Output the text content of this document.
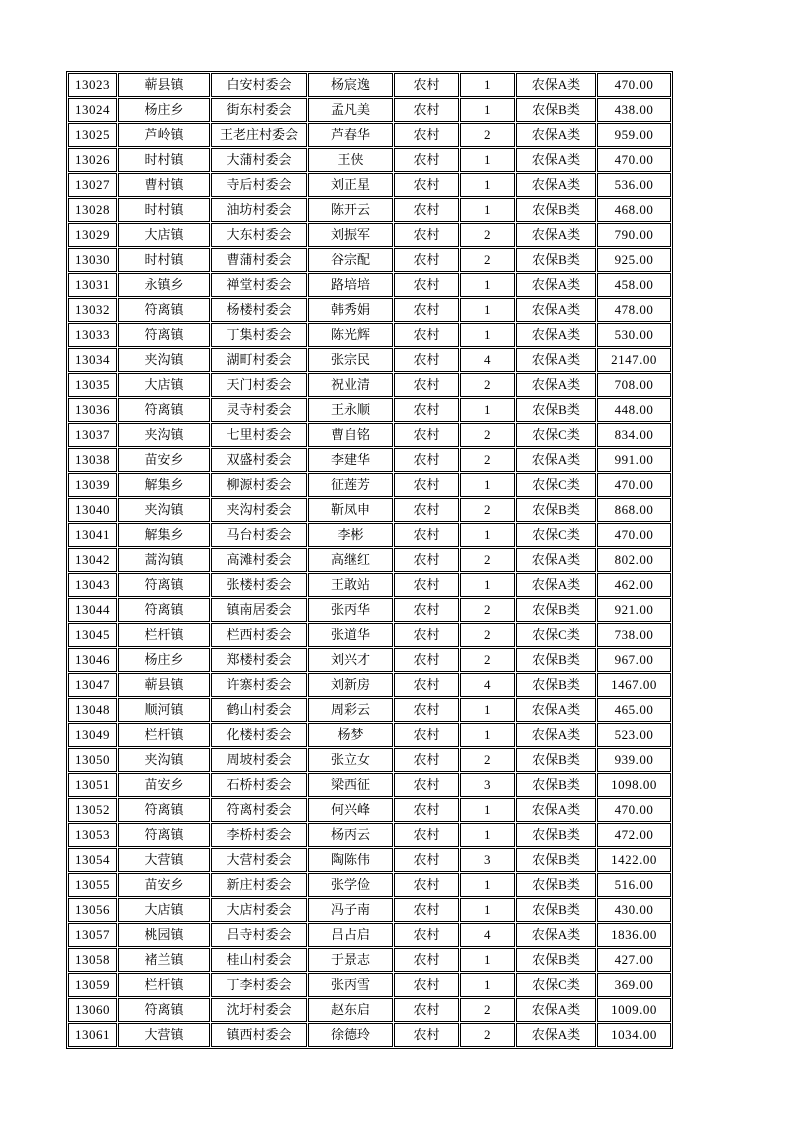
13023	蕲县镇	白安村委会	杨宸逸	农村	1	农保A类	470.00
13024	杨庄乡	街东村委会	孟凡美	农村	1	农保B类	438.00
13025	芦岭镇	王老庄村委会	芦春华	农村	2	农保A类	959.00
13026	时村镇	大蒲村委会	王侠	农村	1	农保A类	470.00
13027	曹村镇	寺后村委会	刘正星	农村	1	农保A类	536.00
13028	时村镇	油坊村委会	陈开云	农村	1	农保B类	468.00
13029	大店镇	大东村委会	刘振军	农村	2	农保A类	790.00
13030	时村镇	曹蒲村委会	谷宗配	农村	2	农保B类	925.00
13031	永镇乡	禅堂村委会	路培培	农村	1	农保A类	458.00
13032	符离镇	杨楼村委会	韩秀娟	农村	1	农保A类	478.00
13033	符离镇	丁集村委会	陈光辉	农村	1	农保A类	530.00
13034	夹沟镇	湖町村委会	张宗民	农村	4	农保A类	2147.00
13035	大店镇	天门村委会	祝业清	农村	2	农保A类	708.00
13036	符离镇	灵寺村委会	王永顺	农村	1	农保B类	448.00
13037	夹沟镇	七里村委会	曹自铭	农村	2	农保C类	834.00
13038	苗安乡	双盛村委会	李建华	农村	2	农保A类	991.00
13039	解集乡	柳源村委会	征莲芳	农村	1	农保C类	470.00
13040	夹沟镇	夹沟村委会	靳凤申	农村	2	农保B类	868.00
13041	解集乡	马台村委会	李彬	农村	1	农保C类	470.00
13042	蒿沟镇	高滩村委会	高继红	农村	2	农保A类	802.00
13043	符离镇	张楼村委会	王敢站	农村	1	农保A类	462.00
13044	符离镇	镇南居委会	张丙华	农村	2	农保B类	921.00
13045	栏杆镇	栏西村委会	张道华	农村	2	农保C类	738.00
13046	杨庄乡	郑楼村委会	刘兴才	农村	2	农保B类	967.00
13047	蕲县镇	许寨村委会	刘新房	农村	4	农保B类	1467.00
13048	顺河镇	鹤山村委会	周彩云	农村	1	农保A类	465.00
13049	栏杆镇	化楼村委会	杨梦	农村	1	农保A类	523.00
13050	夹沟镇	周坡村委会	张立女	农村	2	农保B类	939.00
13051	苗安乡	石桥村委会	梁西征	农村	3	农保B类	1098.00
13052	符离镇	符离村委会	何兴峰	农村	1	农保A类	470.00
13053	符离镇	李桥村委会	杨丙云	农村	1	农保B类	472.00
13054	大营镇	大营村委会	陶陈伟	农村	3	农保B类	1422.00
13055	苗安乡	新庄村委会	张学俭	农村	1	农保B类	516.00
13056	大店镇	大店村委会	冯子南	农村	1	农保B类	430.00
13057	桃园镇	吕寺村委会	吕占启	农村	4	农保A类	1836.00
13058	褚兰镇	桂山村委会	于景志	农村	1	农保B类	427.00
13059	栏杆镇	丁李村委会	张丙雪	农村	1	农保C类	369.00
13060	符离镇	沈圩村委会	赵东启	农村	2	农保A类	1009.00
13061	大营镇	镇西村委会	徐德玲	农村	2	农保A类	1034.00
